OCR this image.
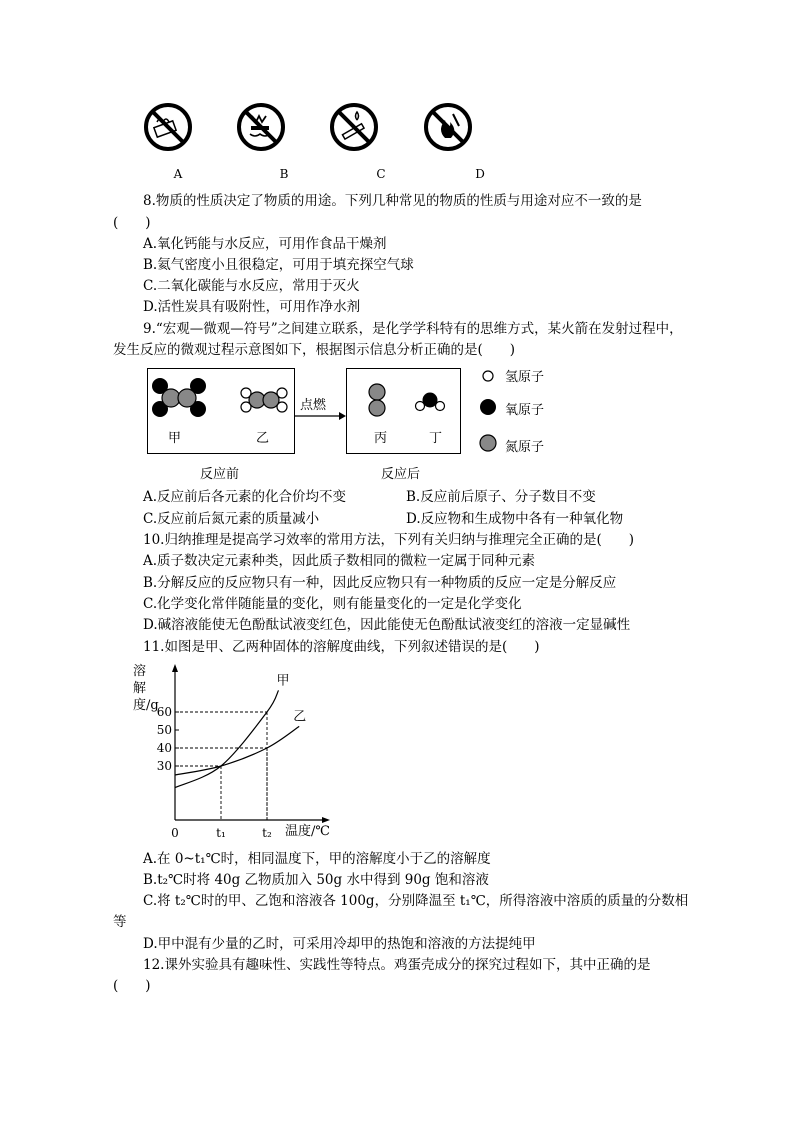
A	B	C	D
8.物质的性质决定了物质的用途。下列几种常见的物质的性质与用途对应不一致的是
(　　)
A.氧化钙能与水反应，可用作食品干燥剂
B.氦气密度小且很稳定，可用于填充探空气球
C.二氧化碳能与水反应，常用于灭火
D.活性炭具有吸附性，可用作净水剂
9.“宏观—微观—符号”之间建立联系，是化学学科特有的思维方式，某火箭在发射过程中，
发生反应的微观过程示意图如下，根据图示信息分析正确的是(　　)
甲	乙
点燃
丙	丁
氢原子
氧原子
氮原子
反应前	反应后
A.反应前后各元素的化合价均不变	B.反应前后原子、分子数目不变
C.反应前后氮元素的质量减小	D.反应物和生成物中各有一种氧化物
10.归纳推理是提高学习效率的常用方法，下列有关归纳与推理完全正确的是(　　)
A.质子数决定元素种类，因此质子数相同的微粒一定属于同种元素
B.分解反应的反应物只有一种，因此反应物只有一种物质的反应一定是分解反应
C.化学变化常伴随能量的变化，则有能量变化的一定是化学变化
D.碱溶液能使无色酚酞试液变红色，因此能使无色酚酞试液变红的溶液一定显碱性
11.如图是甲、乙两种固体的溶解度曲线，下列叙述错误的是(　　)
溶解度/g
30
40
50
60
0	t₁	t₂
甲
乙
温度/℃
A.在 0~t₁℃时，相同温度下，甲的溶解度小于乙的溶解度
B.t₂℃时将 40g 乙物质加入 50g 水中得到 90g 饱和溶液
C.将 t₂℃时的甲、乙饱和溶液各 100g，分别降温至 t₁℃，所得溶液中溶质的质量的分数相
等
D.甲中混有少量的乙时，可采用冷却甲的热饱和溶液的方法提纯甲
12.课外实验具有趣味性、实践性等特点。鸡蛋壳成分的探究过程如下，其中正确的是
(　　)
